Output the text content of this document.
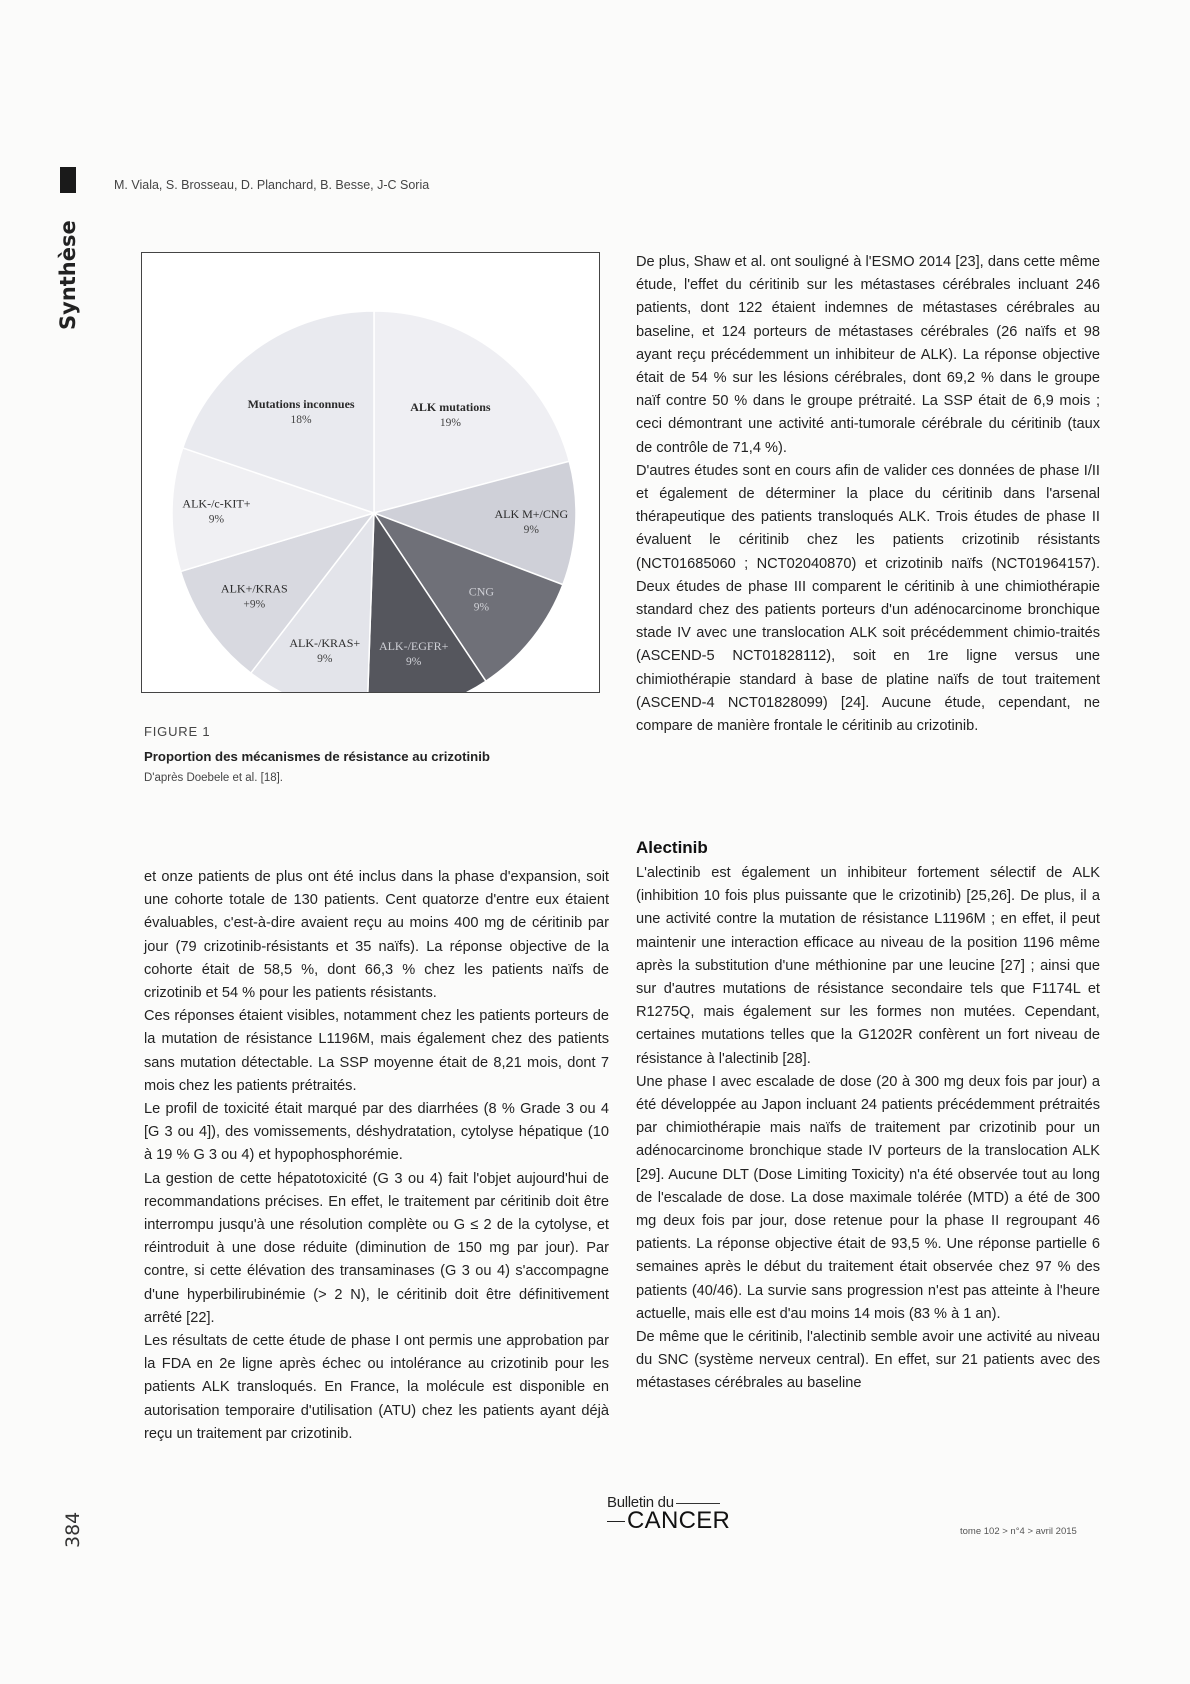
Synthèse
384
M. Viala, S. Brosseau, D. Planchard, B. Besse, J-C Soria
ALK mutations
19%
ALK M+/CNG
9%
CNG
9%
ALK-/EGFR+
9%
ALK-/KRAS+
9%
ALK+/KRAS
+9%
ALK-/c-KIT+
9%
Mutations inconnues
18%
FIGURE 1
Proportion des mécanismes de résistance au crizotinib
D'après Doebele et al. [18].

De plus, Shaw et al. ont souligné à l'ESMO 2014 [23], dans cette même étude, l'effet du céritinib sur les métastases cérébrales incluant 246 patients, dont 122 étaient indemnes de métastases cérébrales au baseline, et 124 porteurs de métastases cérébrales (26 naïfs et 98 ayant reçu précédemment un inhibiteur de ALK). La réponse objective était de 54 % sur les lésions cérébrales, dont 69,2 % dans le groupe naïf contre 50 % dans le groupe prétraité. La SSP était de 6,9 mois ; ceci démontrant une activité anti-tumorale cérébrale du céritinib (taux de contrôle de 71,4 %).

D'autres études sont en cours afin de valider ces données de phase I/II et également de déterminer la place du céritinib dans l'arsenal thérapeutique des patients transloqués ALK. Trois études de phase II évaluent le céritinib chez les patients crizotinib résistants (NCT01685060 ; NCT02040870) et crizotinib naïfs (NCT01964157). Deux études de phase III comparent le céritinib à une chimiothérapie standard chez des patients porteurs d'un adénocarcinome bronchique stade IV avec une translocation ALK soit précédemment chimio-traités (ASCEND-5 NCT01828112), soit en 1re ligne versus une chimiothérapie standard à base de platine naïfs de tout traitement (ASCEND-4 NCT01828099) [24]. Aucune étude, cependant, ne compare de manière frontale le céritinib au crizotinib.

et onze patients de plus ont été inclus dans la phase d'expansion, soit une cohorte totale de 130 patients. Cent quatorze d'entre eux étaient évaluables, c'est-à-dire avaient reçu au moins 400 mg de céritinib par jour (79 crizotinib-résistants et 35 naïfs). La réponse objective de la cohorte était de 58,5 %, dont 66,3 % chez les patients naïfs de crizotinib et 54 % pour les patients résistants.

Ces réponses étaient visibles, notamment chez les patients porteurs de la mutation de résistance L1196M, mais également chez des patients sans mutation détectable. La SSP moyenne était de 8,21 mois, dont 7 mois chez les patients prétraités.

Le profil de toxicité était marqué par des diarrhées (8 % Grade 3 ou 4 [G 3 ou 4]), des vomissements, déshydratation, cytolyse hépatique (10 à 19 % G 3 ou 4) et hypophosphorémie.

La gestion de cette hépatotoxicité (G 3 ou 4) fait l'objet aujourd'hui de recommandations précises. En effet, le traitement par céritinib doit être interrompu jusqu'à une résolution complète ou G ≤ 2 de la cytolyse, et réintroduit à une dose réduite (diminution de 150 mg par jour). Par contre, si cette élévation des transaminases (G 3 ou 4) s'accompagne d'une hyperbilirubinémie (> 2 N), le céritinib doit être définitivement arrêté [22].

Les résultats de cette étude de phase I ont permis une approbation par la FDA en 2e ligne après échec ou intolérance au crizotinib pour les patients ALK transloqués. En France, la molécule est disponible en autorisation temporaire d'utilisation (ATU) chez les patients ayant déjà reçu un traitement par crizotinib.

Alectinib

L'alectinib est également un inhibiteur fortement sélectif de ALK (inhibition 10 fois plus puissante que le crizotinib) [25,26]. De plus, il a une activité contre la mutation de résistance L1196M ; en effet, il peut maintenir une interaction efficace au niveau de la position 1196 même après la substitution d'une méthionine par une leucine [27] ; ainsi que sur d'autres mutations de résistance secondaire tels que F1174L et R1275Q, mais également sur les formes non mutées. Cependant, certaines mutations telles que la G1202R confèrent un fort niveau de résistance à l'alectinib [28].

Une phase I avec escalade de dose (20 à 300 mg deux fois par jour) a été développée au Japon incluant 24 patients précédemment prétraités par chimiothérapie mais naïfs de traitement par crizotinib pour un adénocarcinome bronchique stade IV porteurs de la translocation ALK [29]. Aucune DLT (Dose Limiting Toxicity) n'a été observée tout au long de l'escalade de dose. La dose maximale tolérée (MTD) a été de 300 mg deux fois par jour, dose retenue pour la phase II regroupant 46 patients. La réponse objective était de 93,5 %. Une réponse partielle 6 semaines après le début du traitement était observée chez 97 % des patients (40/46). La survie sans progression n'est pas atteinte à l'heure actuelle, mais elle est d'au moins 14 mois (83 % à 1 an).

De même que le céritinib, l'alectinib semble avoir une activité au niveau du SNC (système nerveux central). En effet, sur 21 patients avec des métastases cérébrales au baseline

Bulletin du
CANCER	tome 102 > n°4 > avril 2015
